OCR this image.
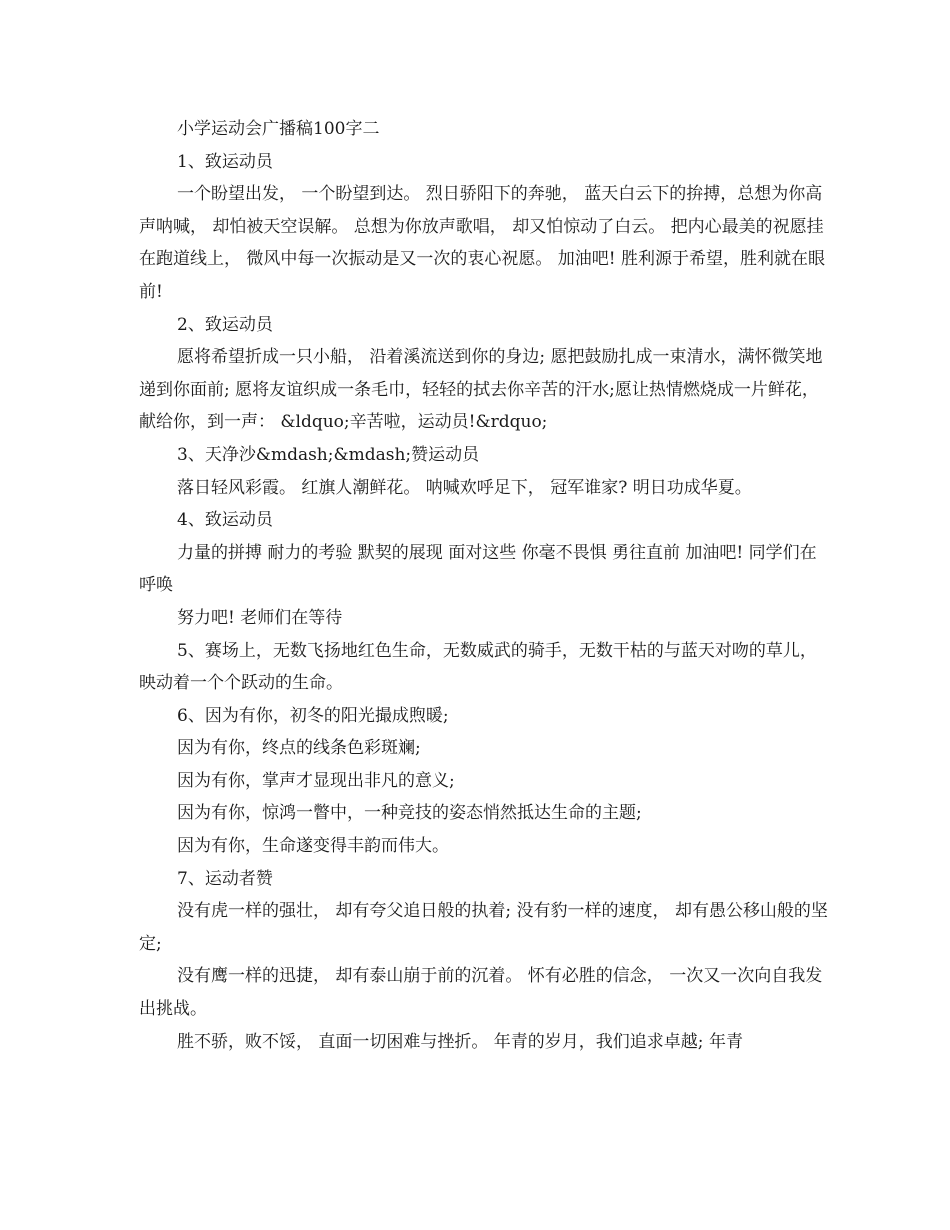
小学运动会广播稿100字二

1、致运动员

一个盼望出发， 一个盼望到达。 烈日骄阳下的奔驰， 蓝天白云下的拚搏，总想为你高声呐喊， 却怕被天空误解。 总想为你放声歌唱， 却又怕惊动了白云。 把内心最美的祝愿挂在跑道线上， 微风中每一次振动是又一次的衷心祝愿。 加油吧! 胜利源于希望，胜利就在眼前!

2、致运动员

愿将希望折成一只小船， 沿着溪流送到你的身边; 愿把鼓励扎成一束清水，满怀微笑地递到你面前; 愿将友谊织成一条毛巾，轻轻的拭去你辛苦的汗水;愿让热情燃烧成一片鲜花，献给你，到一声： &ldquo;辛苦啦，运动员!&rdquo;

3、天净沙&mdash;&mdash;赞运动员

落日轻风彩霞。 红旗人潮鲜花。 呐喊欢呼足下， 冠军谁家? 明日功成华夏。

4、致运动员

力量的拼搏 耐力的考验 默契的展现 面对这些 你毫不畏惧 勇往直前 加油吧! 同学们在呼唤

努力吧! 老师们在等待

5、赛场上，无数飞扬地红色生命，无数威武的骑手，无数干枯的与蓝天对吻的草儿，映动着一个个跃动的生命。

6、因为有你，初冬的阳光撮成煦暖;

因为有你，终点的线条色彩斑斓;

因为有你，掌声才显现出非凡的意义;

因为有你，惊鸿一瞥中，一种竞技的姿态悄然抵达生命的主题;

因为有你，生命遂变得丰韵而伟大。

7、运动者赞

没有虎一样的强壮， 却有夸父追日般的执着; 没有豹一样的速度， 却有愚公移山般的坚定;

没有鹰一样的迅捷， 却有泰山崩于前的沉着。 怀有必胜的信念， 一次又一次向自我发出挑战。

胜不骄，败不馁， 直面一切困难与挫折。 年青的岁月，我们追求卓越; 年青
